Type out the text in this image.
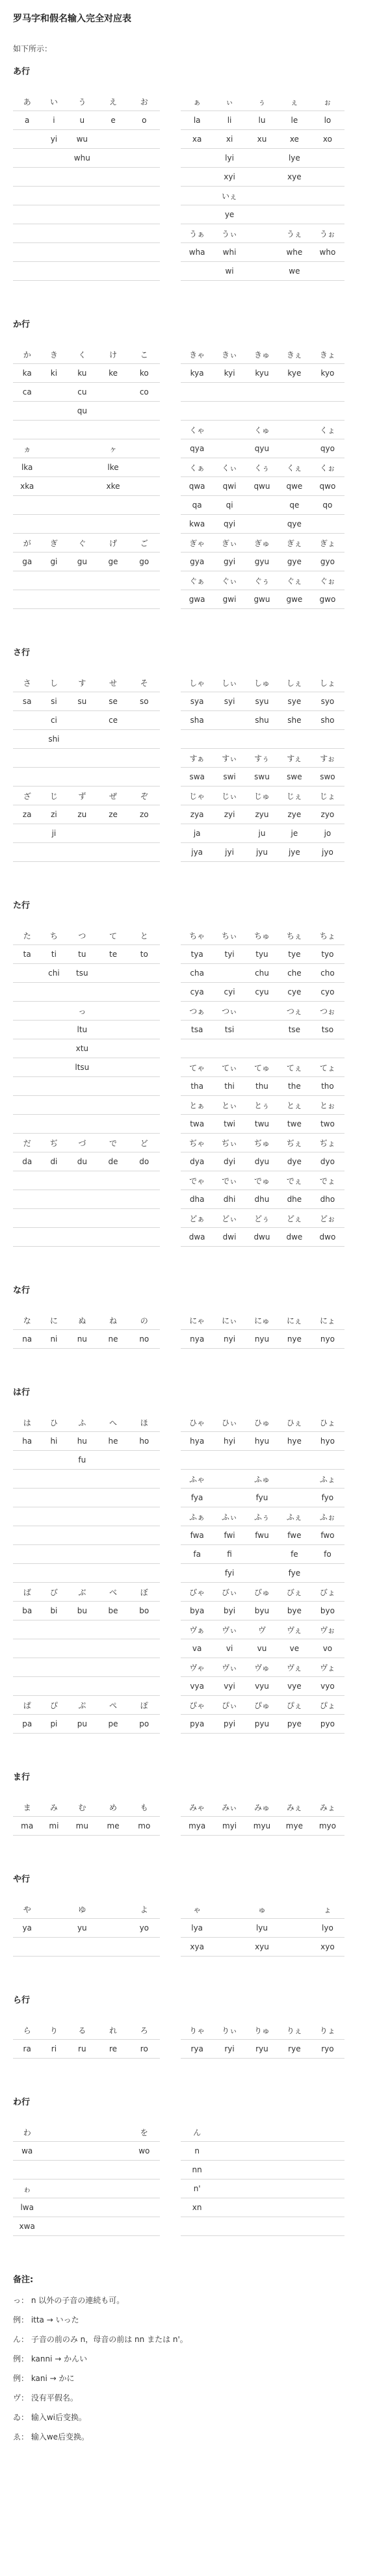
罗马字和假名输入完全对应表
如下所示：
あ行
あ	い	う	え	お		ぁ	ぃ	ぅ	ぇ	ぉ
a	i	u	e	o		la	li	lu	le	lo
	yi	wu				xa	xi	xu	xe	xo
		whu					lyi		lye	
							xyi		xye	
							いぇ			
							ye			
						うぁ	うぃ		うぇ	うぉ
						wha	whi		whe	who
							wi		we	
か行
か	き	く	け	こ		きゃ	きぃ	きゅ	きぇ	きょ
ka	ki	ku	ke	ko		kya	kyi	kyu	kye	kyo
ca		cu		co						
		qu								
						くゃ		くゅ		くょ
ヵ			ヶ			qya		qyu		qyo
lka			lke			くぁ	くぃ	くぅ	くぇ	くぉ
xka			xke			qwa	qwi	qwu	qwe	qwo
						qa	qi		qe	qo
						kwa	qyi		qye	
が	ぎ	ぐ	げ	ご		ぎゃ	ぎぃ	ぎゅ	ぎぇ	ぎょ
ga	gi	gu	ge	go		gya	gyi	gyu	gye	gyo
						ぐぁ	ぐぃ	ぐぅ	ぐぇ	ぐぉ
						gwa	gwi	gwu	gwe	gwo
さ行
さ	し	す	せ	そ		しゃ	しぃ	しゅ	しぇ	しょ
sa	si	su	se	so		sya	syi	syu	sye	syo
	ci		ce			sha		shu	she	sho
	shi									
						すぁ	すぃ	すぅ	すぇ	すぉ
						swa	swi	swu	swe	swo
ざ	じ	ず	ぜ	ぞ		じゃ	じぃ	じゅ	じぇ	じょ
za	zi	zu	ze	zo		zya	zyi	zyu	zye	zyo
	ji					ja		ju	je	jo
						jya	jyi	jyu	jye	jyo
た行
た	ち	つ	て	と		ちゃ	ちぃ	ちゅ	ちぇ	ちょ
ta	ti	tu	te	to		tya	tyi	tyu	tye	tyo
	chi	tsu				cha		chu	che	cho
						cya	cyi	cyu	cye	cyo
		っ				つぁ	つぃ		つぇ	つぉ
		ltu				tsa	tsi		tse	tso
		xtu								
		ltsu				てゃ	てぃ	てゅ	てぇ	てょ
						tha	thi	thu	the	tho
						とぁ	とぃ	とぅ	とぇ	とぉ
						twa	twi	twu	twe	two
だ	ぢ	づ	で	ど		ぢゃ	ぢぃ	ぢゅ	ぢぇ	ぢょ
da	di	du	de	do		dya	dyi	dyu	dye	dyo
						でゃ	でぃ	でゅ	でぇ	でょ
						dha	dhi	dhu	dhe	dho
						どぁ	どぃ	どぅ	どぇ	どぉ
						dwa	dwi	dwu	dwe	dwo
な行
な	に	ぬ	ね	の		にゃ	にぃ	にゅ	にぇ	にょ
na	ni	nu	ne	no		nya	nyi	nyu	nye	nyo
は行
は	ひ	ふ	へ	ほ		ひゃ	ひぃ	ひゅ	ひぇ	ひょ
ha	hi	hu	he	ho		hya	hyi	hyu	hye	hyo
		fu								
						ふゃ		ふゅ		ふょ
						fya		fyu		fyo
						ふぁ	ふぃ	ふぅ	ふぇ	ふぉ
						fwa	fwi	fwu	fwe	fwo
						fa	fi		fe	fo
							fyi		fye	
ば	び	ぶ	べ	ぼ		びゃ	びぃ	びゅ	びぇ	びょ
ba	bi	bu	be	bo		bya	byi	byu	bye	byo
						ヴぁ	ヴぃ	ヴ	ヴぇ	ヴぉ
						va	vi	vu	ve	vo
						ヴゃ	ヴぃ	ヴゅ	ヴぇ	ヴょ
						vya	vyi	vyu	vye	vyo
ぱ	ぴ	ぷ	ぺ	ぽ		ぴゃ	ぴぃ	ぴゅ	ぴぇ	ぴょ
pa	pi	pu	pe	po		pya	pyi	pyu	pye	pyo
ま行
ま	み	む	め	も		みゃ	みぃ	みゅ	みぇ	みょ
ma	mi	mu	me	mo		mya	myi	myu	mye	myo
や行
や		ゆ		よ		ゃ		ゅ		ょ
ya		yu		yo		lya		lyu		lyo
						xya		xyu		xyo
ら行
ら	り	る	れ	ろ		りゃ	りぃ	りゅ	りぇ	りょ
ra	ri	ru	re	ro		rya	ryi	ryu	rye	ryo
わ行
わ				を		ん				
wa				wo		n				
						nn				
ゎ						n'				
lwa						xn				
xwa										
备注:
っ： n 以外の子音の連続も可。
例： itta → いった
ん： 子音の前のみ n，母音の前は nn または n'。
例： kanni → かんい
例： kani → かに
ヴ： 没有平假名。
ゐ： 输入wi后变换。
ゑ： 输入we后变换。
